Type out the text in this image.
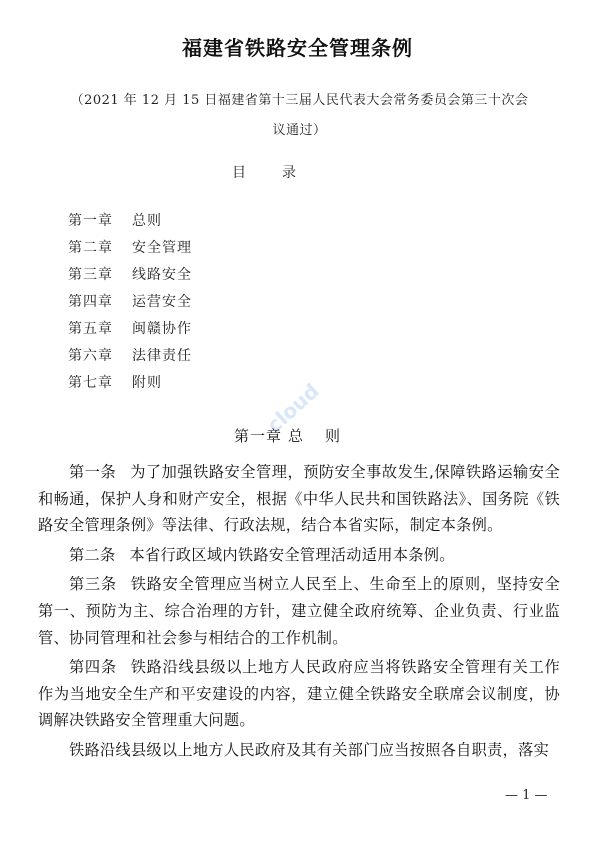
福建省铁路安全管理条例
（2021 年 12 月 15 日福建省第十三届人民代表大会常务委员会第三十次会
议通过）
目录
第一章 总则
第二章 安全管理
第三章 线路安全
第四章 运营安全
第五章 闽赣协作
第六章 法律责任
第七章 附则	cloud
第一章 总则

第一条 为了加强铁路安全管理，预防安全事故发生,保障铁路运输安全和畅通，保护人身和财产安全，根据《中华人民共和国铁路法》、国务院《铁路安全管理条例》等法律、行政法规，结合本省实际，制定本条例。

第二条 本省行政区域内铁路安全管理活动适用本条例。

第三条 铁路安全管理应当树立人民至上、生命至上的原则，坚持安全第一、预防为主、综合治理的方针，建立健全政府统筹、企业负责、行业监管、协同管理和社会参与相结合的工作机制。

第四条 铁路沿线县级以上地方人民政府应当将铁路安全管理有关工作作为当地安全生产和平安建设的内容，建立健全铁路安全联席会议制度，协调解决铁路安全管理重大问题。

铁路沿线县级以上地方人民政府及其有关部门应当按照各自职责，落实

— 1 —
